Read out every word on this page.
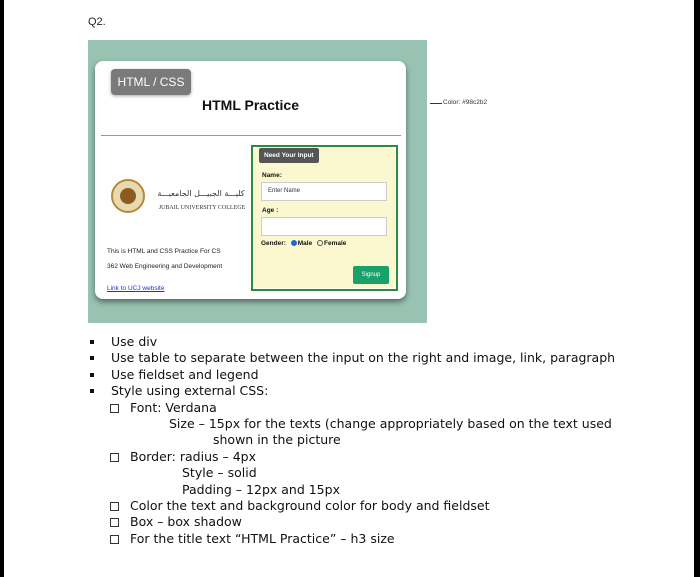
Q2.
HTML / CSS
HTML Practice
كليـــة الجبيـــل الجامعيـــة
JUBAIL UNIVERSITY COLLEGE
This is HTML and CSS Practice For CS
362 Web Engineering and Development
Link to UCJ website
Need Your Input
Name:
Enter Name
Age :
Gender: Male Female
Signup
Color: #98c2b2
Use div
Use table to separate between the input on the right and image, link, paragraph
Use fieldset and legend
Style using external CSS:
Font: Verdana
Size – 15px for the texts (change appropriately based on the text used
shown in the picture
Border: radius – 4px
Style – solid
Padding – 12px and 15px
Color the text and background color for body and fieldset
Box – box shadow
For the title text “HTML Practice” – h3 size
